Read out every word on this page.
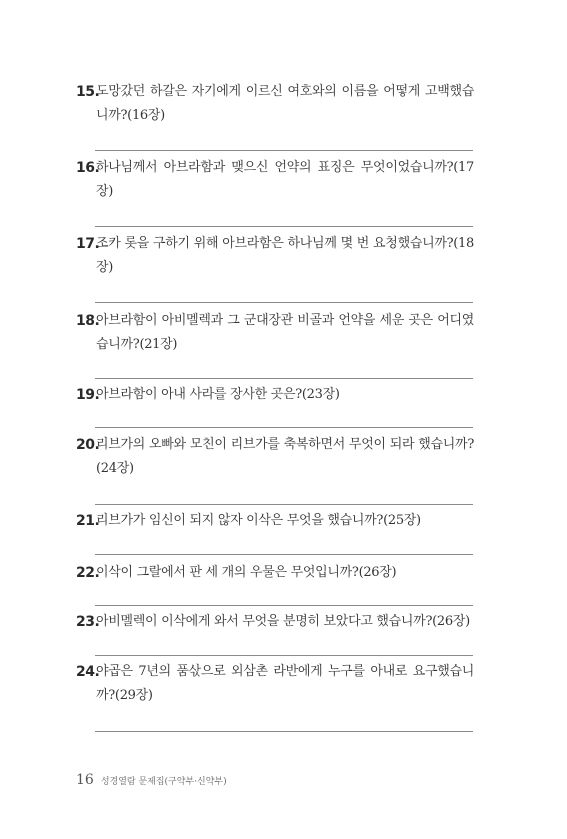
15.
도망갔던 하갈은 자기에게 이르신 여호와의 이름을 어떻게 고백했습니까?(16장)
16.
하나님께서 아브라함과 맺으신 언약의 표징은 무엇이었습니까?(17장)
17.
조카 롯을 구하기 위해 아브라함은 하나님께 몇 번 요청했습니까?(18장)
18.
아브라함이 아비멜렉과 그 군대장관 비골과 언약을 세운 곳은 어디였습니까?(21장)
19.
아브라함이 아내 사라를 장사한 곳은?(23장)
20.
리브가의 오빠와 모친이 리브가를 축복하면서 무엇이 되라 했습니까?(24장)
21.
리브가가 임신이 되지 않자 이삭은 무엇을 했습니까?(25장)
22.
이삭이 그랄에서 판 세 개의 우물은 무엇입니까?(26장)
23.
아비멜렉이 이삭에게 와서 무엇을 분명히 보았다고 했습니까?(26장)
24.
야곱은 7년의 품삯으로 외삼촌 라반에게 누구를 아내로 요구했습니까?(29장)
16 성경열람 문제집(구약부·신약부)
